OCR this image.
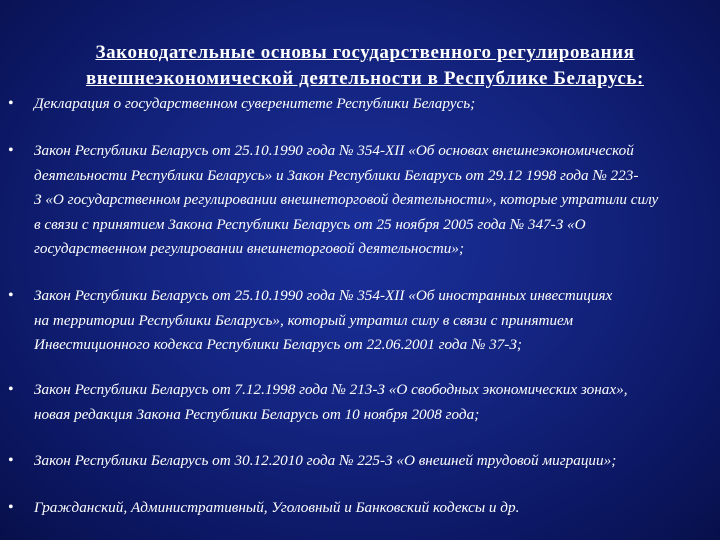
Законодательные основы государственного регулирования
внешнеэкономической деятельности в Республике Беларусь:
• Декларация о государственном суверенитете Республики Беларусь;
• Закон Республики Беларусь от 25.10.1990 года № 354-XII «Об основах внешнеэкономической
деятельности Республики Беларусь» и Закон Республики Беларусь от 29.12 1998 года № 223-
З «О государственном регулировании внешнеторговой деятельности», которые утратили силу
в связи с принятием Закона Республики Беларусь от 25 ноября 2005 года № 347-З «О
государственном регулировании внешнеторговой деятельности»;
• Закон Республики Беларусь от 25.10.1990 года № 354-XII «Об иностранных инвестициях
на территории Республики Беларусь», который утратил силу в связи с принятием
Инвестиционного кодекса Республики Беларусь от 22.06.2001 года № 37-З;
• Закон Республики Беларусь от 7.12.1998 года № 213-З «О свободных экономических зонах»,
новая редакция Закона Республики Беларусь от 10 ноября 2008 года;
• Закон Республики Беларусь от 30.12.2010 года № 225-З «О внешней трудовой миграции»;
• Гражданский, Административный, Уголовный и Банковский кодексы и др.
